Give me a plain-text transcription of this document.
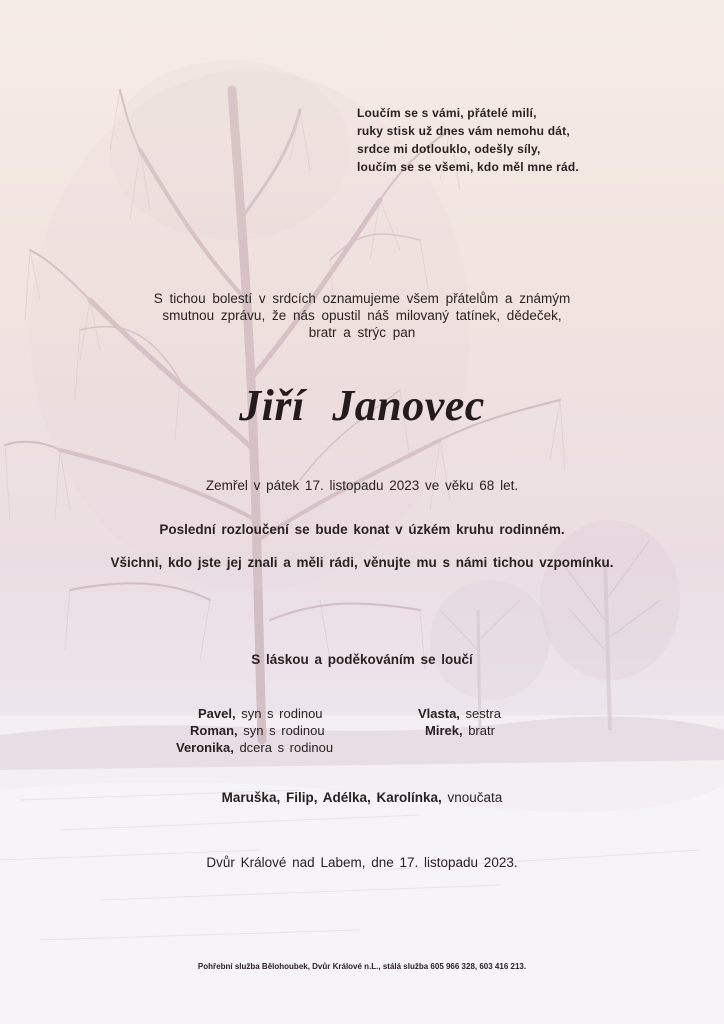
Loučím se s vámi, přátelé milí,
ruky stisk už dnes vám nemohu dát,
srdce mi dotlouklo, odešly síly,
loučím se se všemi, kdo měl mne rád.
S tichou bolestí v srdcích oznamujeme všem přátelům a známým
smutnou zprávu, že nás opustil náš milovaný tatínek, dědeček,
bratr a strýc pan
Jiří Janovec
Zemřel v pátek 17. listopadu 2023 ve věku 68 let.
Poslední rozloučení se bude konat v úzkém kruhu rodinném.
Všichni, kdo jste jej znali a měli rádi, věnujte mu s námi tichou vzpomínku.
S láskou a poděkováním se loučí
Pavel, syn s rodinou
Roman, syn s rodinou
Veronika, dcera s rodinou
Vlasta, sestra
Mirek, bratr
Maruška, Filip, Adélka, Karolínka, vnoučata
Dvůr Králové nad Labem, dne 17. listopadu 2023.
Pohřební služba Bělohoubek, Dvůr Králové n.L., stálá služba 605 966 328, 603 416 213.
